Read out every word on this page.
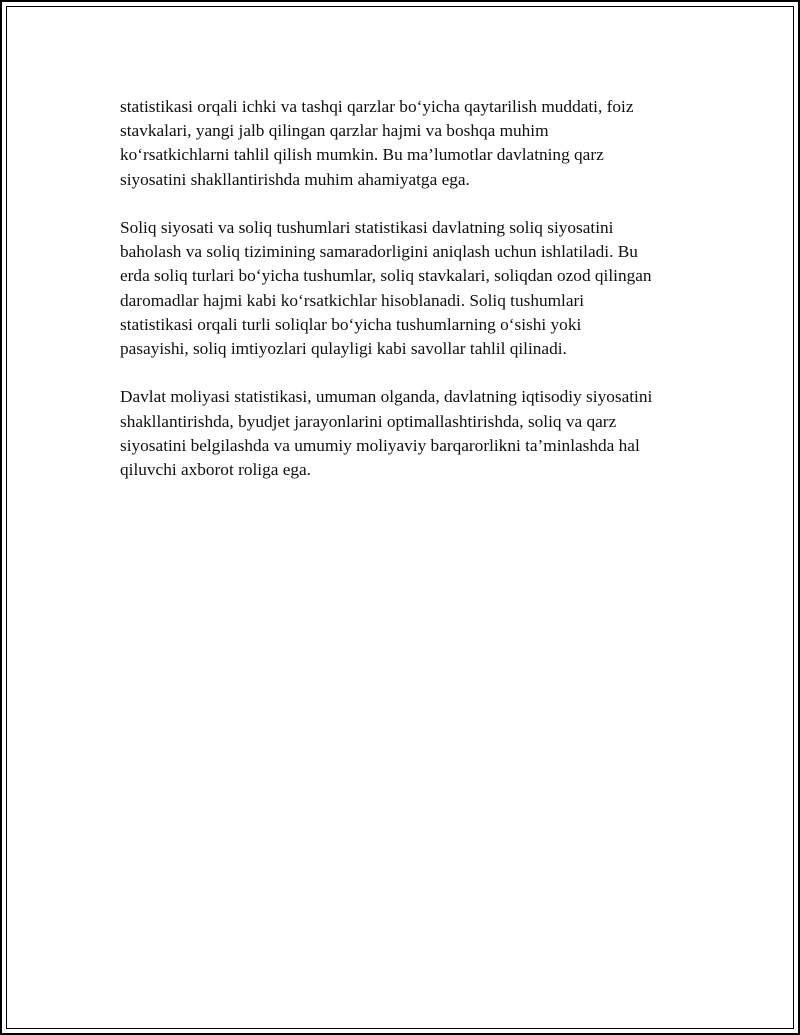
statistikasi orqali ichki va tashqi qarzlar bo‘yicha qaytarilish muddati, foiz
stavkalari, yangi jalb qilingan qarzlar hajmi va boshqa muhim
ko‘rsatkichlarni tahlil qilish mumkin. Bu ma’lumotlar davlatning qarz
siyosatini shakllantirishda muhim ahamiyatga ega.

Soliq siyosati va soliq tushumlari statistikasi davlatning soliq siyosatini
baholash va soliq tizimining samaradorligini aniqlash uchun ishlatiladi. Bu
erda soliq turlari bo‘yicha tushumlar, soliq stavkalari, soliqdan ozod qilingan
daromadlar hajmi kabi ko‘rsatkichlar hisoblanadi. Soliq tushumlari
statistikasi orqali turli soliqlar bo‘yicha tushumlarning o‘sishi yoki
pasayishi, soliq imtiyozlari qulayligi kabi savollar tahlil qilinadi.

Davlat moliyasi statistikasi, umuman olganda, davlatning iqtisodiy siyosatini
shakllantirishda, byudjet jarayonlarini optimallashtirishda, soliq va qarz
siyosatini belgilashda va umumiy moliyaviy barqarorlikni ta’minlashda hal
qiluvchi axborot roliga ega.
